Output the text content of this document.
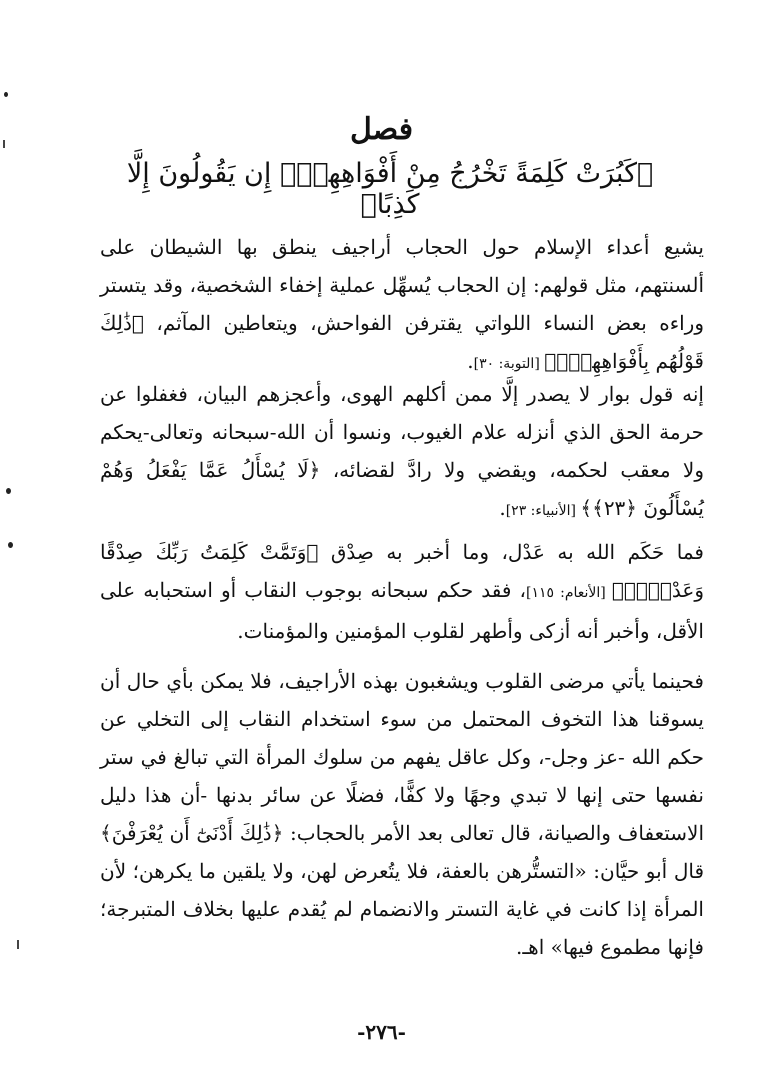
فصل
﴿كَبُرَتْ كَلِمَةً تَخْرُجُ مِنْ أَفْوَاهِهِمْۚ إِن يَقُولُونَ إِلَّا كَذِبًا﴾
يشيع أعداء الإسلام حول الحجاب أراجيف ينطق بها الشيطان على ألسنتهم، مثل قولهم: إن الحجاب يُسهِّل عملية إخفاء الشخصية، وقد يتستر وراءه بعض النساء اللواتي يقترفن الفواحش، ويتعاطين المآثم، ﴿ذَٰلِكَ قَوْلُهُم بِأَفْوَاهِهِمْۖ﴾ [التوبة: ٣٠].
إنه قول بوار لا يصدر إلَّا ممن أكلهم الهوى، وأعجزهم البيان، فغفلوا عن حرمة الحق الذي أنزله علام الغيوب، ونسوا أن الله-سبحانه وتعالى-يحكم ولا معقب لحكمه، ويقضي ولا رادَّ لقضائه، ﴿لَا يُسْأَلُ عَمَّا يَفْعَلُ وَهُمْ يُسْأَلُونَ ﴿٢٣﴾﴾ [الأنبياء: ٢٣].
فما حَكَم الله به عَدْل، وما أخبر به صِدْق ﴿وَتَمَّتْ كَلِمَتُ رَبِّكَ صِدْقًا وَعَدْلًاۚ﴾ [الأنعام: ١١٥]، فقد حكم سبحانه بوجوب النقاب أو استحبابه على الأقل، وأخبر أنه أزكى وأطهر لقلوب المؤمنين والمؤمنات.
فحينما يأتي مرضى القلوب ويشغبون بهذه الأراجيف، فلا يمكن بأي حال أن يسوقنا هذا التخوف المحتمل من سوء استخدام النقاب إلى التخلي عن حكم الله -عز وجل-، وكل عاقل يفهم من سلوك المرأة التي تبالغ في ستر نفسها حتى إنها لا تبدي وجهًا ولا كفًّا، فضلًا عن سائر بدنها -أن هذا دليل الاستعفاف والصيانة، قال تعالى بعد الأمر بالحجاب: ﴿ذَٰلِكَ أَدْنَىٰٓ أَن يُعْرَفْنَ﴾ قال أبو حيَّان: «التستُّرهن بالعفة، فلا يتُعرض لهن، ولا يلقين ما يكرهن؛ لأن المرأة إذا كانت في غاية التستر والانضمام لم يُقدم عليها بخلاف المتبرجة؛ فإنها مطموع فيها» اهـ.
-٢٧٦-
